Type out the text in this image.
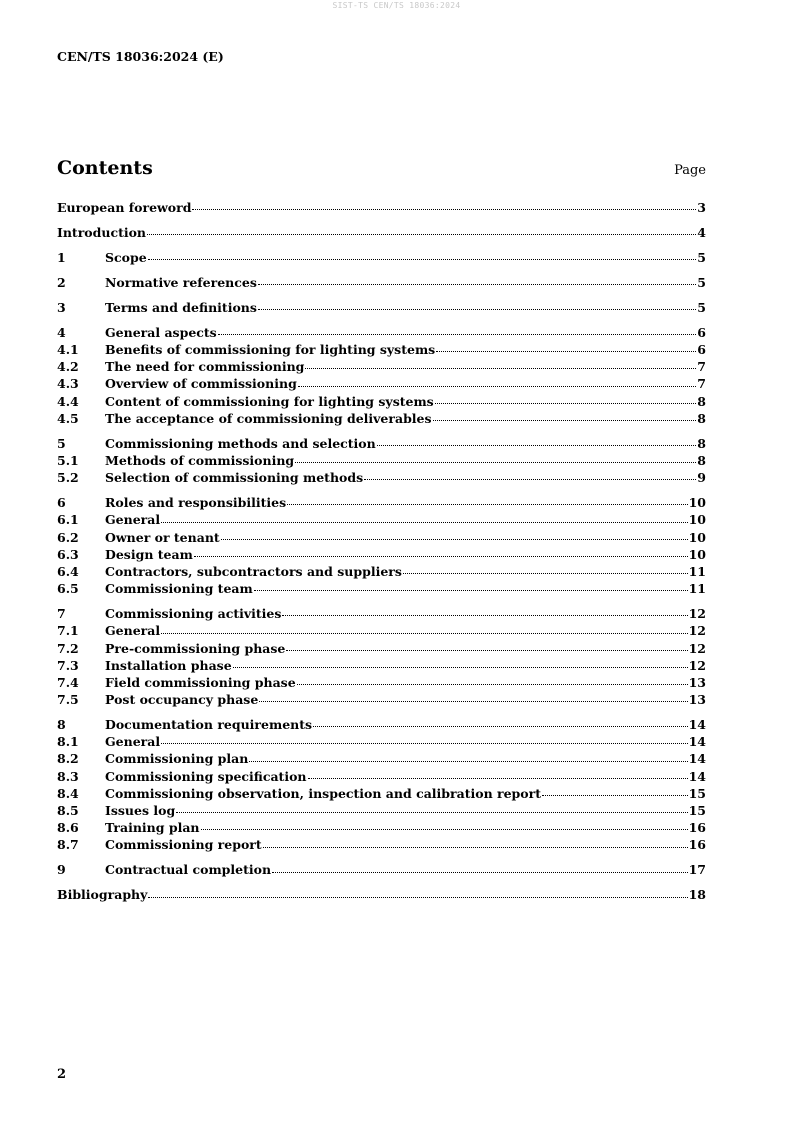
SIST-TS CEN/TS 18036:2024
CEN/TS 18036:2024 (E)
Contents	Page
European foreword	3
Introduction	4
1	Scope	5
2	Normative references	5
3	Terms and definitions	5
4	General aspects	6
4.1	Benefits of commissioning for lighting systems	6
4.2	The need for commissioning	7
4.3	Overview of commissioning	7
4.4	Content of commissioning for lighting systems	8
4.5	The acceptance of commissioning deliverables	8
5	Commissioning methods and selection	8
5.1	Methods of commissioning	8
5.2	Selection of commissioning methods	9
6	Roles and responsibilities	10
6.1	General	10
6.2	Owner or tenant	10
6.3	Design team	10
6.4	Contractors, subcontractors and suppliers	11
6.5	Commissioning team	11
7	Commissioning activities	12
7.1	General	12
7.2	Pre-commissioning phase	12
7.3	Installation phase	12
7.4	Field commissioning phase	13
7.5	Post occupancy phase	13
8	Documentation requirements	14
8.1	General	14
8.2	Commissioning plan	14
8.3	Commissioning specification	14
8.4	Commissioning observation, inspection and calibration report	15
8.5	Issues log	15
8.6	Training plan	16
8.7	Commissioning report	16
9	Contractual completion	17
Bibliography	18
2
